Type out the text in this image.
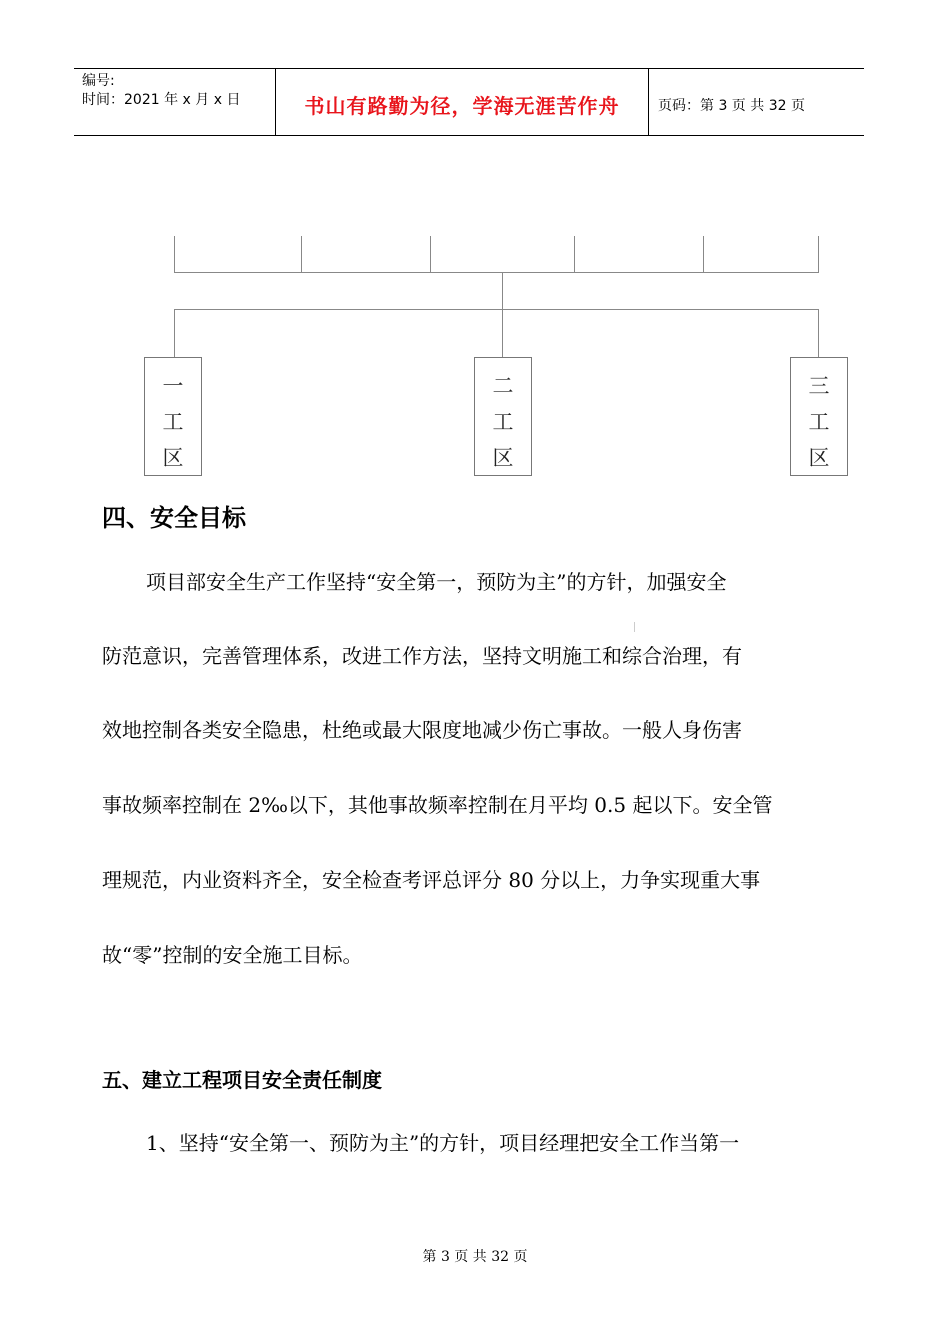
编号:
时间：2021 年 x 月 x 日	书山有路勤为径，学海无涯苦作舟	页码：第 3 页 共 32 页
一
工
区
二
工
区
三
工
区
四、安全目标
项目部安全生产工作坚持“安全第一，预防为主”的方针，加强安全
防范意识，完善管理体系，改进工作方法，坚持文明施工和综合治理，有
效地控制各类安全隐患，杜绝或最大限度地减少伤亡事故。一般人身伤害
事故频率控制在 2‰以下，其他事故频率控制在月平均 0.5 起以下。安全管
理规范，内业资料齐全，安全检查考评总评分 80 分以上，力争实现重大事
故“零”控制的安全施工目标。
五、建立工程项目安全责任制度
1、坚持“安全第一、预防为主”的方针，项目经理把安全工作当第一
第 3 页 共 32 页
